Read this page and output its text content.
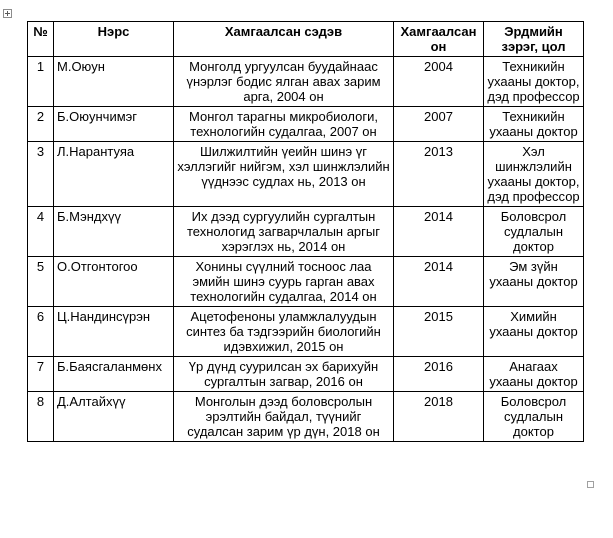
№	Нэрс	Хамгаалсан сэдэв	Хамгаалсан он	Эрдмийн зэрэг, цол
1	М.Оюун	Монголд ургуулсан буудайнаас үнэрлэг бодис ялган авах зарим арга, 2004 он	2004	Техникийн ухааны доктор, дэд профессор
2	Б.Оюунчимэг	Монгол тарагны микробиологи, технологийн судалгаа, 2007 он	2007	Техникийн ухааны доктор
3	Л.Нарантуяа	Шилжилтийн үеийн шинэ үг хэллэгийг нийгэм, хэл шинжлэлийн үүднээс судлах нь, 2013 он	2013	Хэл шинжлэлийн ухааны доктор, дэд профессор
4	Б.Мэндхүү	Их дээд сургуулийн сургалтын технологид загварчлалын аргыг хэрэглэх нь, 2014 он	2014	Боловсрол судлалын доктор
5	О.Отгонтогоо	Хонины сүүлний тосноос лаа эмийн шинэ суурь гарган авах технологийн судалгаа, 2014 он	2014	Эм зүйн ухааны доктор
6	Ц.Нандинсүрэн	Ацетофеноны уламжлалуудын синтез ба тэдгээрийн биологийн идэвхижил, 2015 он	2015	Химийн ухааны доктор
7	Б.Баясгаланмөнх	Үр дүнд суурилсан эх барихуйн сургалтын загвар, 2016 он	2016	Анагаах ухааны доктор
8	Д.Алтайхүү	Монголын дээд боловсролын эрэлтийн байдал, түүнийг судалсан зарим үр дүн, 2018 он	2018	Боловсрол судлалын доктор
